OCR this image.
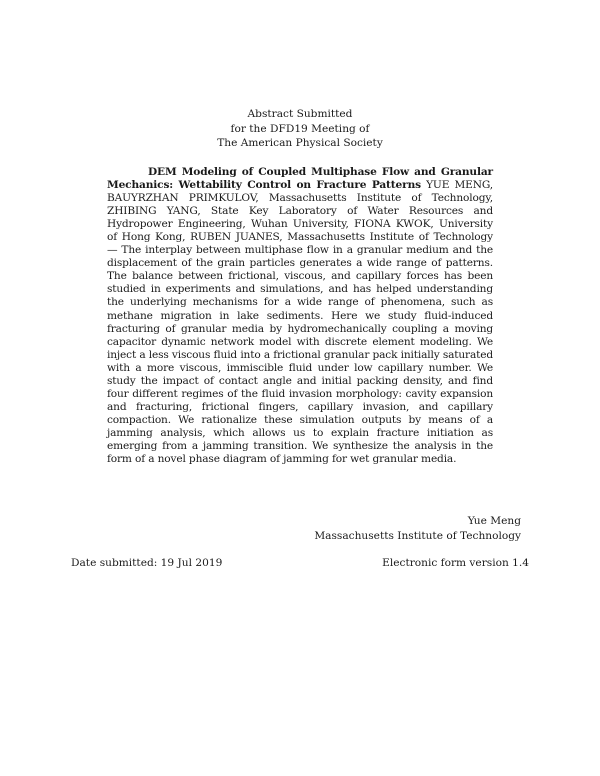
Abstract Submitted
for the DFD19 Meeting of
The American Physical Society
DEM Modeling of Coupled Multiphase Flow and Granular Mechanics: Wettability Control on Fracture Patterns YUE MENG, BAUYRZHAN PRIMKULOV, Massachusetts Institute of Technology, ZHIBING YANG, State Key Laboratory of Water Resources and Hydropower Engineering, Wuhan University, FIONA KWOK, University of Hong Kong, RUBEN JUANES, Massachusetts Institute of Technology — The interplay between multiphase flow in a granular medium and the displacement of the grain particles generates a wide range of patterns. The balance between frictional, viscous, and capillary forces has been studied in experiments and simulations, and has helped understanding the underlying mechanisms for a wide range of phenomena, such as methane migration in lake sediments. Here we study fluid-induced fracturing of granular media by hydromechanically coupling a moving capacitor dynamic network model with discrete element modeling. We inject a less viscous fluid into a frictional granular pack initially saturated with a more viscous, immiscible fluid under low capillary number. We study the impact of contact angle and initial packing density, and find four different regimes of the fluid invasion morphology: cavity expansion and fracturing, frictional fingers, capillary invasion, and capillary compaction. We rationalize these simulation outputs by means of a jamming analysis, which allows us to explain fracture initiation as emerging from a jamming transition. We synthesize the analysis in the form of a novel phase diagram of jamming for wet granular media.
Yue Meng
Massachusetts Institute of Technology
Date submitted: 19 Jul 2019	Electronic form version 1.4
